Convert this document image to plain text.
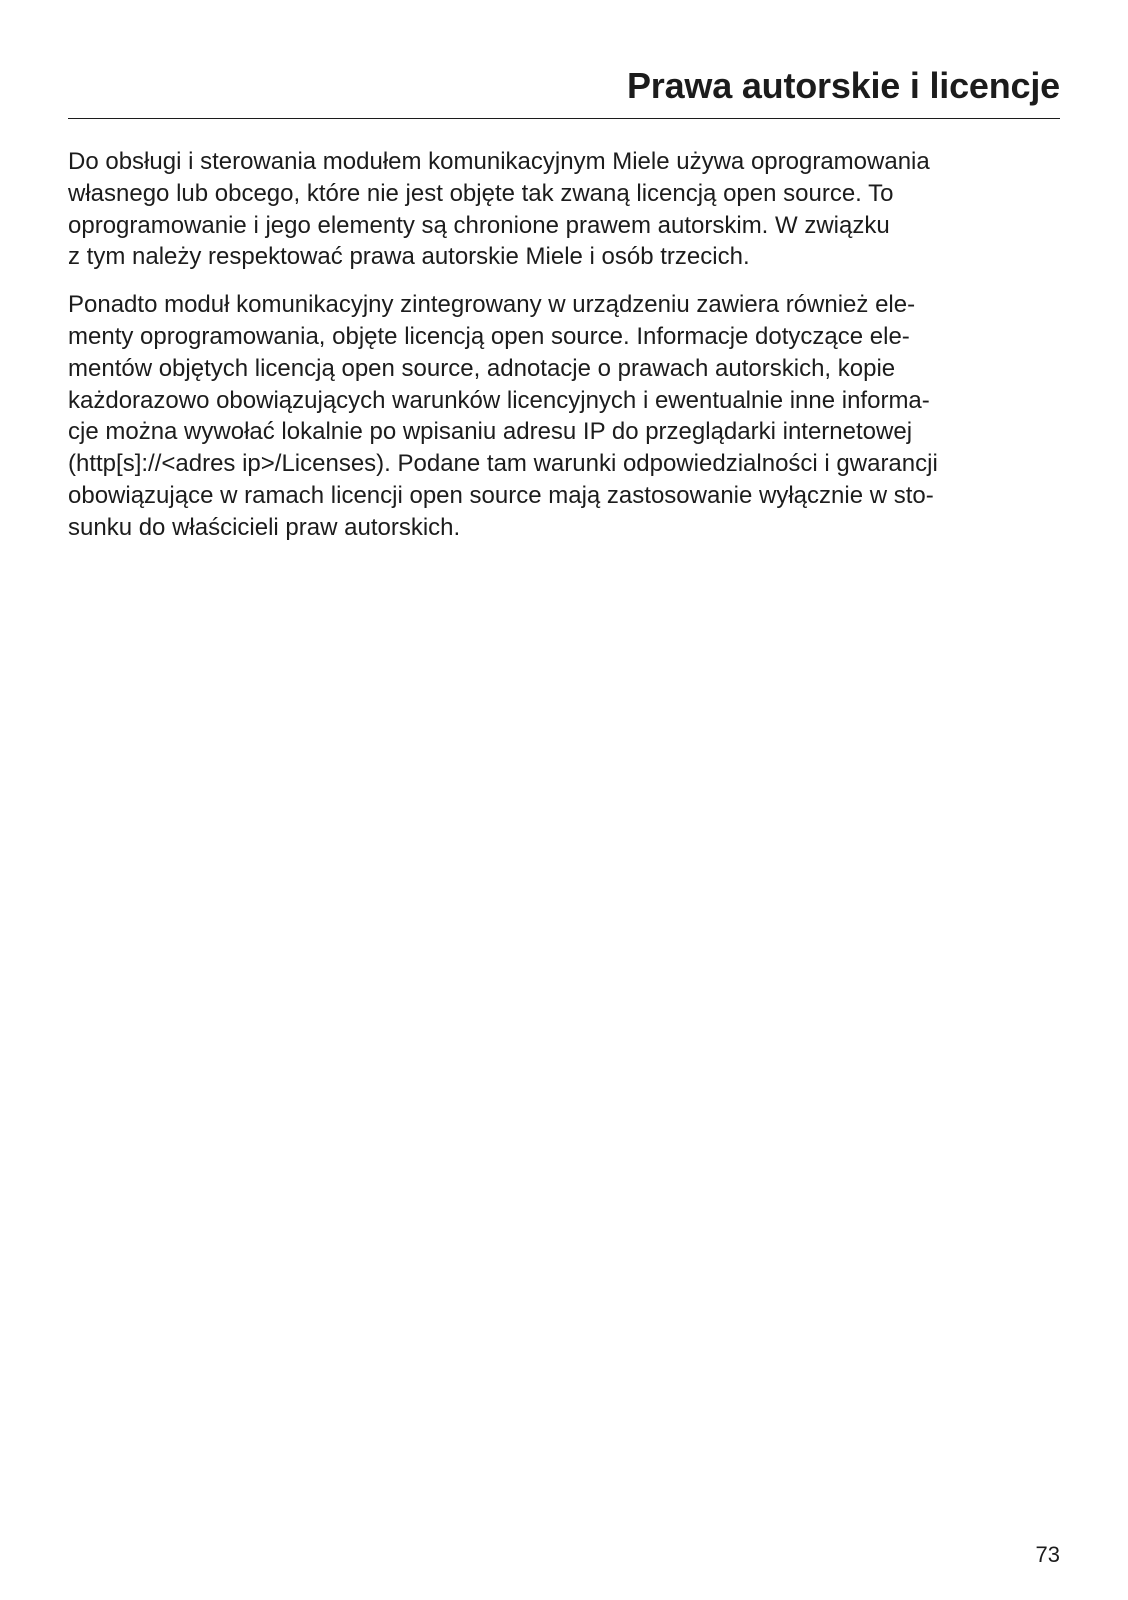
Prawa autorskie i licencje

Do obsługi i sterowania modułem komunikacyjnym Miele używa oprogramowania
własnego lub obcego, które nie jest objęte tak zwaną licencją open source. To
oprogramowanie i jego elementy są chronione prawem autorskim. W związku
z tym należy respektować prawa autorskie Miele i osób trzecich.

Ponadto moduł komunikacyjny zintegrowany w urządzeniu zawiera również ele-
menty oprogramowania, objęte licencją open source. Informacje dotyczące ele-
mentów objętych licencją open source, adnotacje o prawach autorskich, kopie
każdorazowo obowiązujących warunków licencyjnych i ewentualnie inne informa-
cje można wywołać lokalnie po wpisaniu adresu IP do przeglądarki internetowej
(http[s]://<adres ip>/Licenses). Podane tam warunki odpowiedzialności i gwarancji
obowiązujące w ramach licencji open source mają zastosowanie wyłącznie w sto-
sunku do właścicieli praw autorskich.

73
